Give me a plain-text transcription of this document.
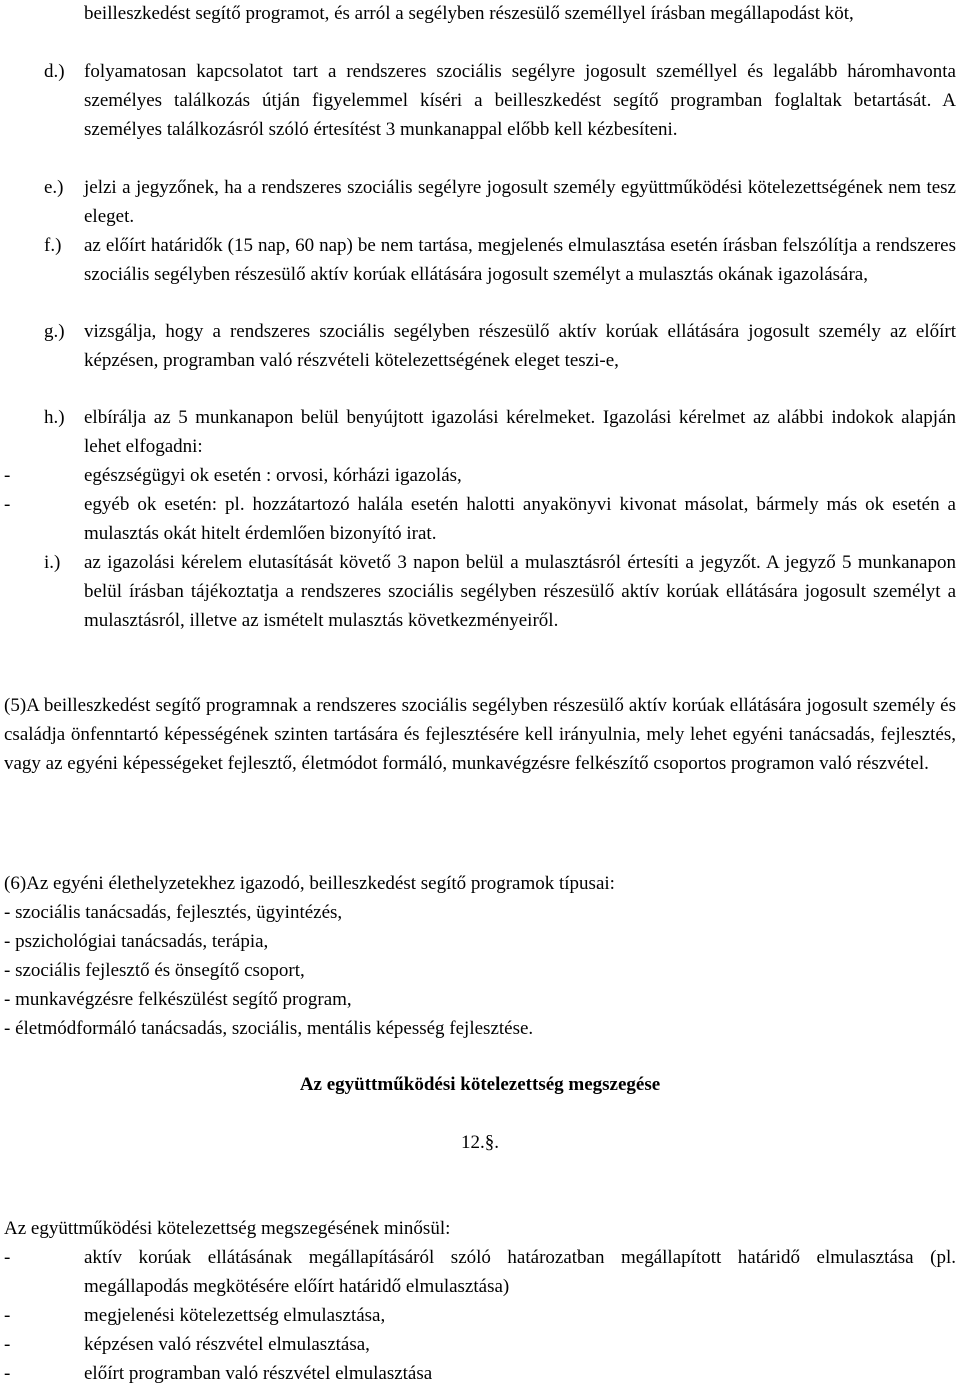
beilleszkedést segítő programot, és arról a segélyben részesülő személlyel írásban megállapodást köt,

d.) folyamatosan kapcsolatot tart a rendszeres szociális segélyre jogosult személlyel és legalább háromhavonta személyes találkozás útján figyelemmel kíséri a beilleszkedést segítő programban foglaltak betartását. A személyes találkozásról szóló értesítést 3 munkanappal előbb kell kézbesíteni.

e.) jelzi a jegyzőnek, ha a rendszeres szociális segélyre jogosult személy együttműködési kötelezettségének nem tesz eleget.

f.) az előírt határidők (15 nap, 60 nap) be nem tartása, megjelenés elmulasztása esetén írásban felszólítja a rendszeres szociális segélyben részesülő aktív korúak ellátására jogosult személyt a mulasztás okának igazolására,

g.) vizsgálja, hogy a rendszeres szociális segélyben részesülő aktív korúak ellátására jogosult személy az előírt képzésen, programban való részvételi kötelezettségének eleget teszi-e,

h.) elbírálja az 5 munkanapon belül benyújtott igazolási kérelmeket. Igazolási kérelmet az alábbi indokok alapján lehet elfogadni:

-	egészségügyi ok esetén : orvosi, kórházi igazolás,

-	egyéb ok esetén: pl. hozzátartozó halála esetén halotti anyakönyvi kivonat másolat, bármely más ok esetén a mulasztás okát hitelt érdemlően bizonyító irat.

i.) az igazolási kérelem elutasítását követő 3 napon belül a mulasztásról értesíti a jegyzőt. A jegyző 5 munkanapon belül írásban tájékoztatja a rendszeres szociális segélyben részesülő aktív korúak ellátására jogosult személyt a mulasztásról, illetve az ismételt mulasztás következményeiről.

(5)A beilleszkedést segítő programnak a rendszeres szociális segélyben részesülő aktív korúak ellátására jogosult személy és családja önfenntartó képességének szinten tartására és fejlesztésére kell irányulnia, mely lehet egyéni tanácsadás, fejlesztés, vagy az egyéni képességeket fejlesztő, életmódot formáló, munkavégzésre felkészítő csoportos programon való részvétel.

(6)Az egyéni élethelyzetekhez igazodó, beilleszkedést segítő programok típusai:
- szociális tanácsadás, fejlesztés, ügyintézés,
- pszichológiai tanácsadás, terápia,
- szociális fejlesztő és önsegítő csoport,
- munkavégzésre felkészülést segítő program,
- életmódformáló tanácsadás, szociális, mentális képesség fejlesztése.
Az együttműködési kötelezettség megszegése
12.§.
Az együttműködési kötelezettség megszegésének minősül:
-	aktív korúak ellátásának megállapításáról szóló határozatban megállapított határidő elmulasztása (pl. megállapodás megkötésére előírt határidő elmulasztása)

-	megjelenési kötelezettség elmulasztása,

-	képzésen való részvétel elmulasztása,

-	előírt programban való részvétel elmulasztása
